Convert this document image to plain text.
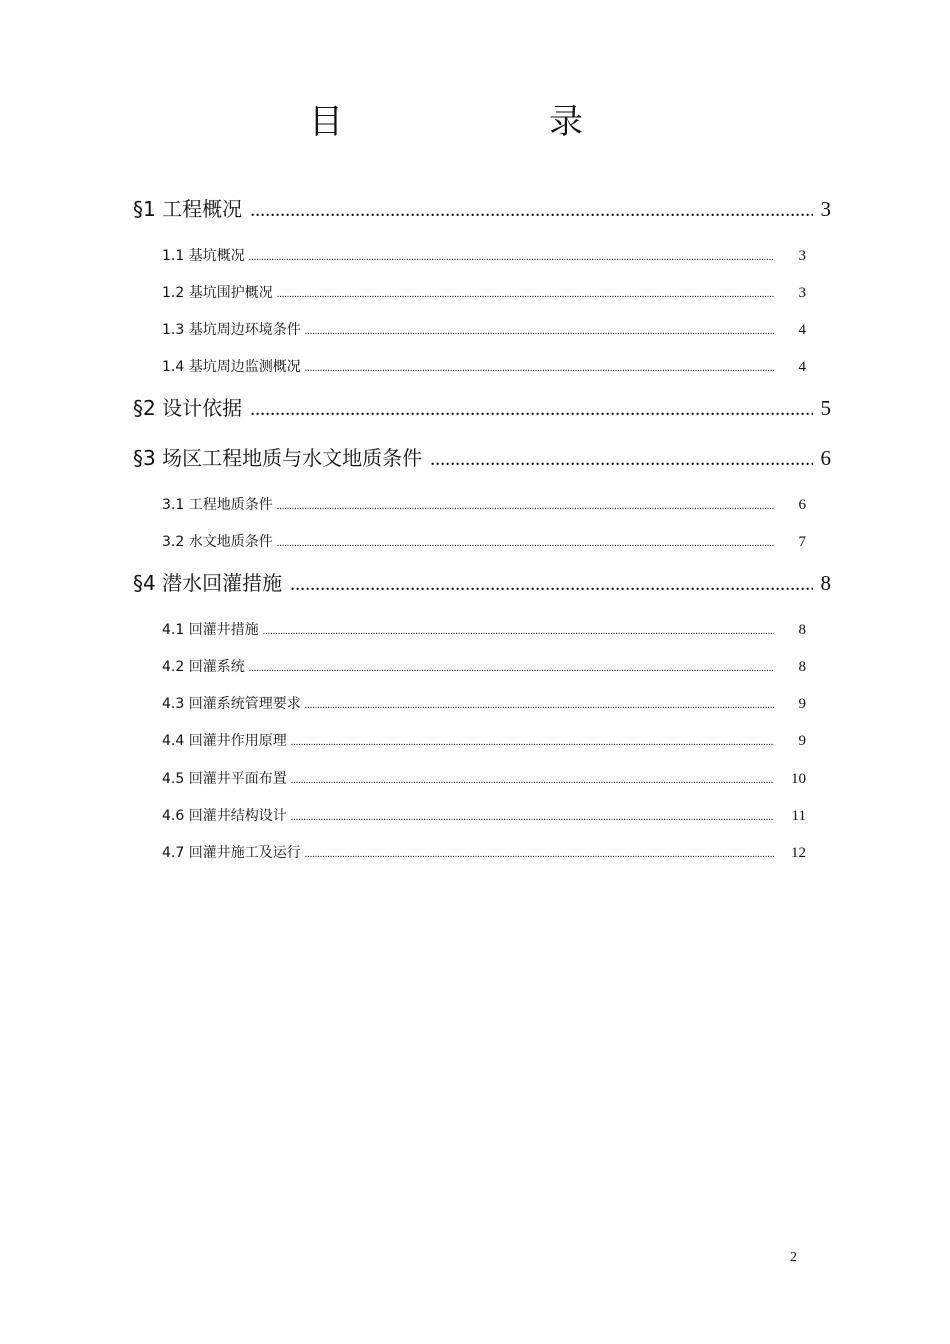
目　　录
§1 工程概况 .....	3
1.1 基坑概况 .....	3
1.2 基坑围护概况 .....	3
1.3 基坑周边环境条件 .....	4
1.4 基坑周边监测概况 .....	4
§2 设计依据 .....	5
§3 场区工程地质与水文地质条件 .....	6
3.1 工程地质条件 .....	6
3.2 水文地质条件 .....	7
§4 潜水回灌措施 .....	8
4.1 回灌井措施 .....	8
4.2 回灌系统 .....	8
4.3 回灌系统管理要求 .....	9
4.4 回灌井作用原理 .....	9
4.5 回灌井平面布置 .....	10
4.6 回灌井结构设计 .....	11
4.7 回灌井施工及运行 .....	12
2
